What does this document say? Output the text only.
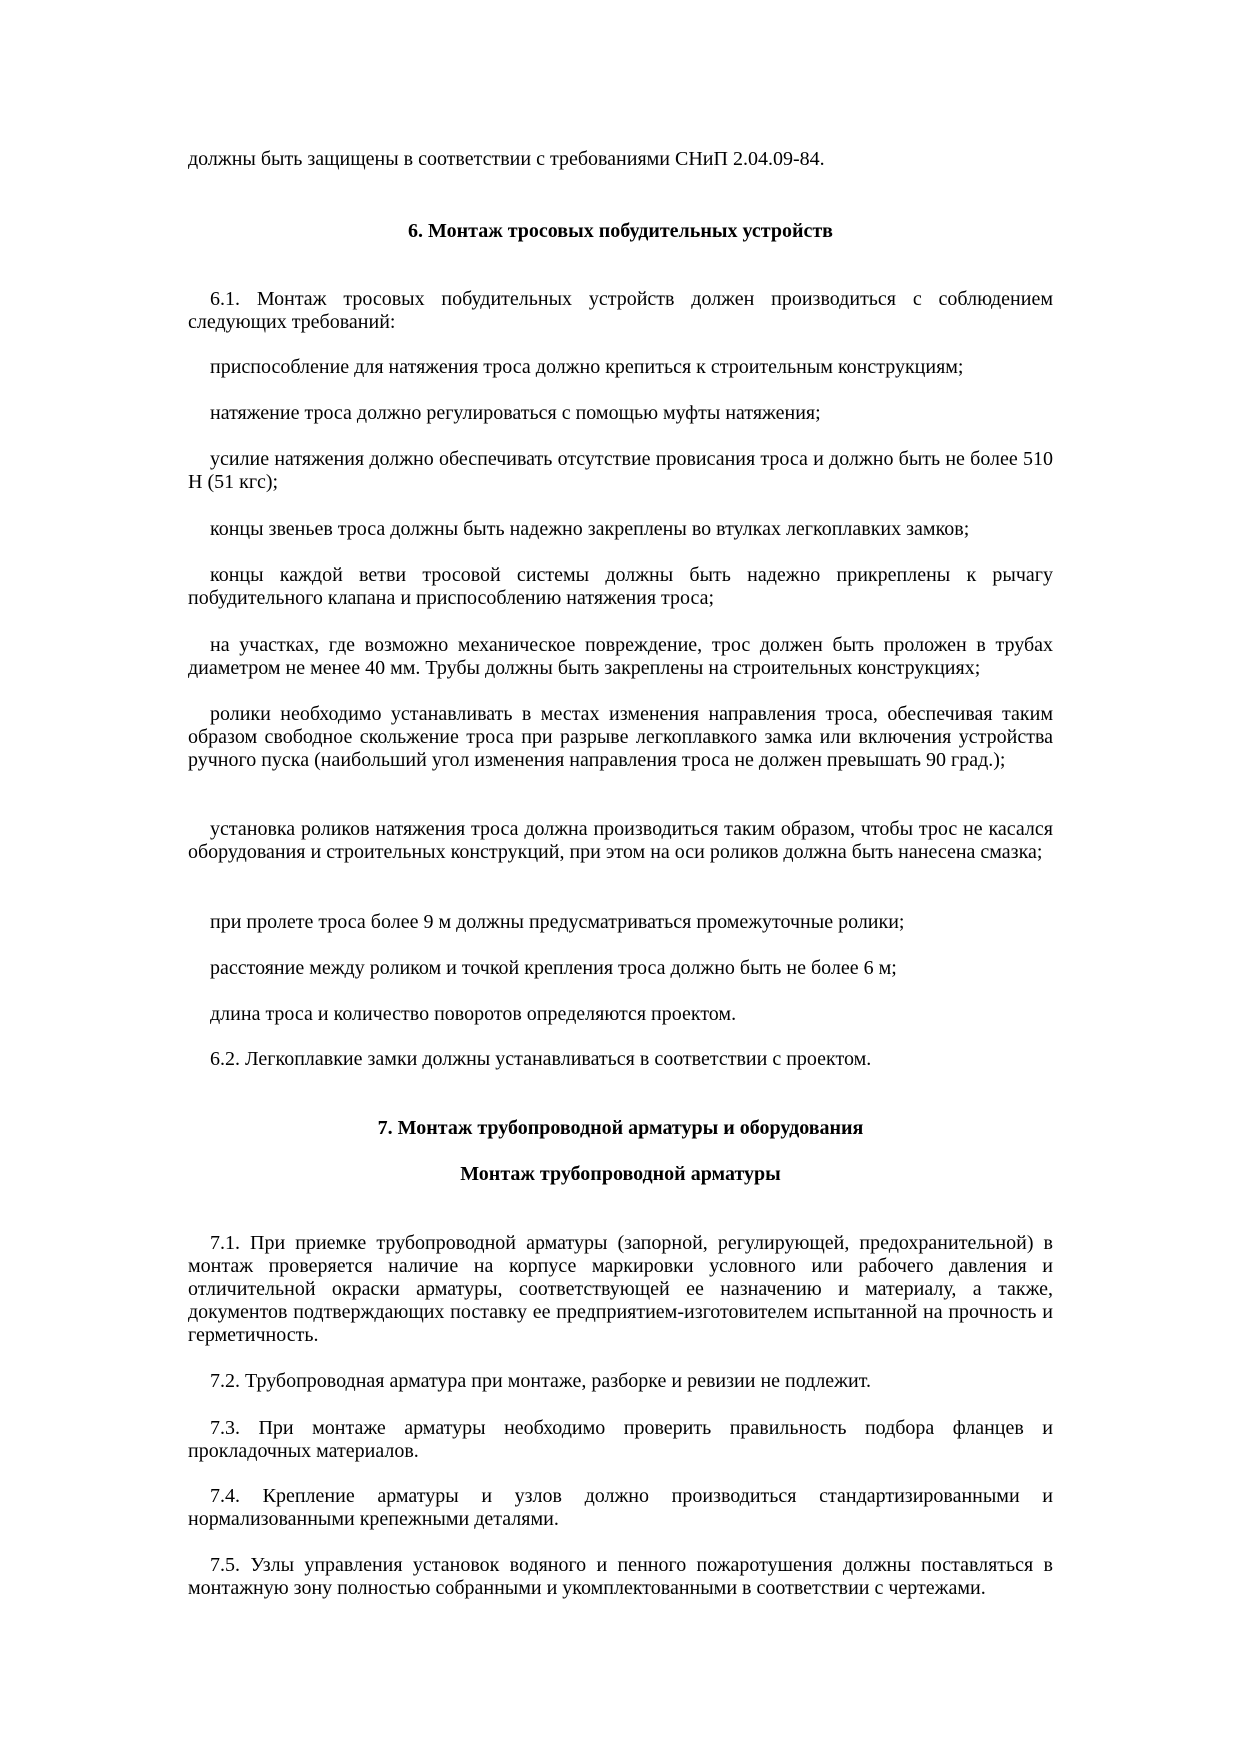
должны быть защищены в соответствии с требованиями СНиП 2.04.09-84.

6. Монтаж тросовых побудительных устройств

6.1. Монтаж тросовых побудительных устройств должен производиться с соблюдением следующих требований:

приспособление для натяжения троса должно крепиться к строительным конструкциям;

натяжение троса должно регулироваться с помощью муфты натяжения;

усилие натяжения должно обеспечивать отсутствие провисания троса и должно быть не более 510 Н (51 кгс);

концы звеньев троса должны быть надежно закреплены во втулках легкоплавких замков;

концы каждой ветви тросовой системы должны быть надежно прикреплены к рычагу побудительного клапана и приспособлению натяжения троса;

на участках, где возможно механическое повреждение, трос должен быть проложен в трубах диаметром не менее 40 мм. Трубы должны быть закреплены на строительных конструкциях;

ролики необходимо устанавливать в местах изменения направления троса, обеспечивая таким образом свободное скольжение троса при разрыве легкоплавкого замка или включения устройства ручного пуска (наибольший угол изменения направления троса не должен превышать 90 град.);

установка роликов натяжения троса должна производиться таким образом, чтобы трос не касался оборудования и строительных конструкций, при этом на оси роликов должна быть нанесена смазка;

при пролете троса более 9 м должны предусматриваться промежуточные ролики;

расстояние между роликом и точкой крепления троса должно быть не более 6 м;

длина троса и количество поворотов определяются проектом.

6.2. Легкоплавкие замки должны устанавливаться в соответствии с проектом.

7. Монтаж трубопроводной арматуры и оборудования

Монтаж трубопроводной арматуры

7.1. При приемке трубопроводной арматуры (запорной, регулирующей, предохранительной) в монтаж проверяется наличие на корпусе маркировки условного или рабочего давления и отличительной окраски арматуры, соответствующей ее назначению и материалу, а также, документов подтверждающих поставку ее предприятием-изготовителем испытанной на прочность и герметичность.

7.2. Трубопроводная арматура при монтаже, разборке и ревизии не подлежит.

7.3. При монтаже арматуры необходимо проверить правильность подбора фланцев и прокладочных материалов.

7.4. Крепление арматуры и узлов должно производиться стандартизированными и нормализованными крепежными деталями.

7.5. Узлы управления установок водяного и пенного пожаротушения должны поставляться в монтажную зону полностью собранными и укомплектованными в соответствии с чертежами.
